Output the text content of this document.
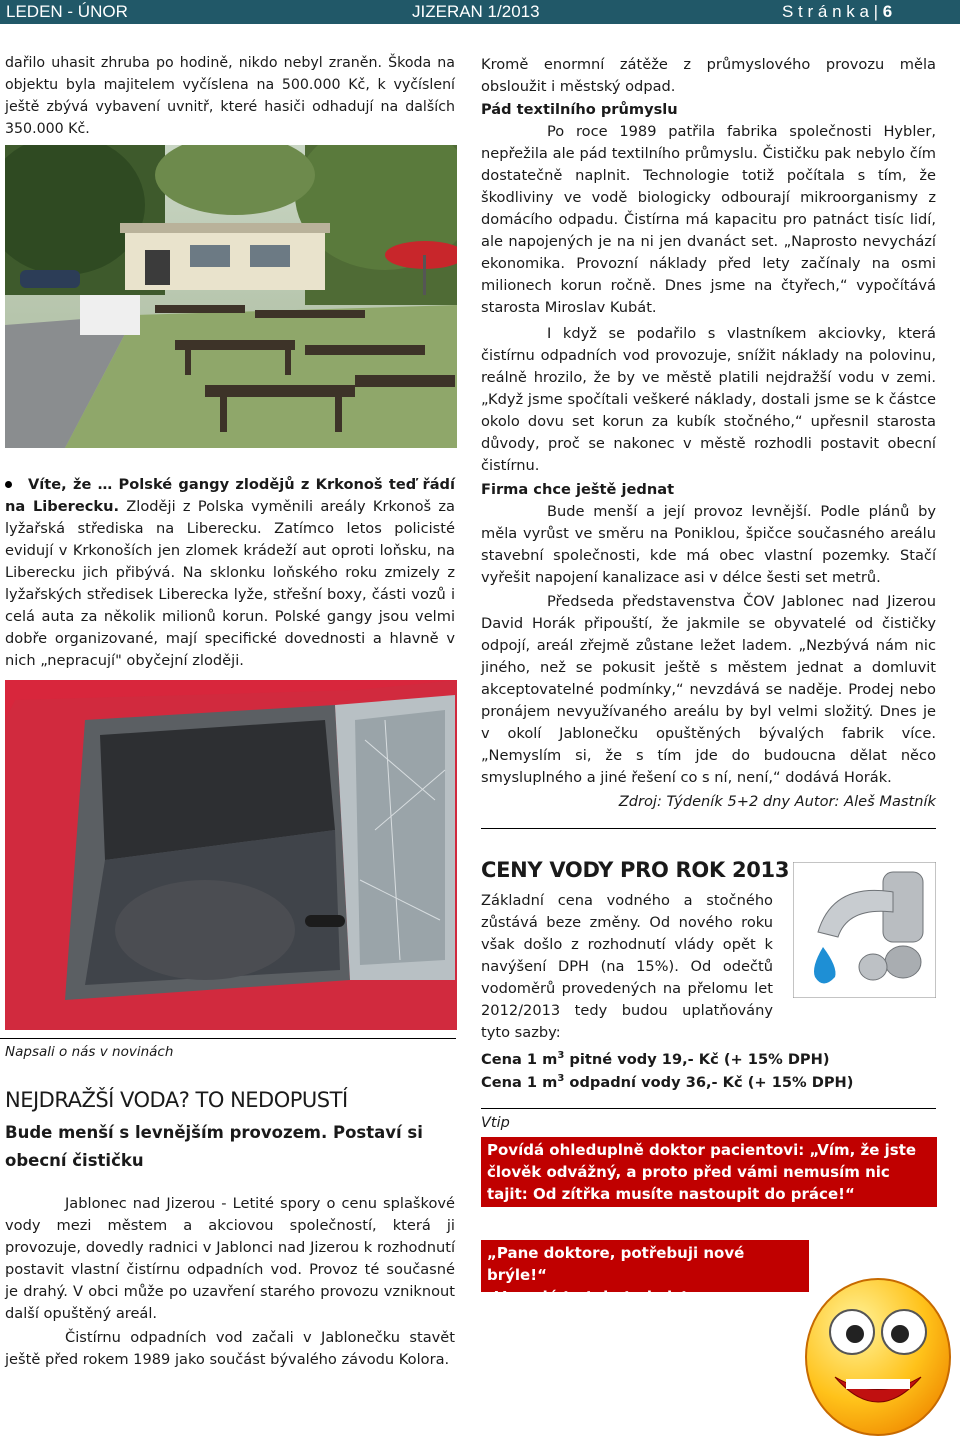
LEDEN - ÚNOR	JIZERAN 1/2013	S t r á n k a | 6

dařilo uhasit zhruba po hodině, nikdo nebyl zraněn. Škoda na objektu byla majitelem vyčíslena na 500.000 Kč, k vyčíslení ještě zbývá vybavení uvnitř, které hasiči odhadují na dalších 350.000 Kč.

Víte, že … Polské gangy zlodějů z Krkonoš teď řádí na Liberecku. Zloději z Polska vyměnili areály Krkonoš za lyžařská střediska na Liberecku. Zatímco letos policisté evidují v Krkonoších jen zlomek krádeží aut oproti loňsku, na Liberecku jich přibývá. Na sklonku loňského roku zmizely z lyžařských středisek Liberecka lyže, střešní boxy, části vozů i celá auta za několik milionů korun. Polské gangy jsou velmi dobře organizované, mají specifické dovednosti a hlavně v nich „nepracují" obyčejní zloději.

Napsali o nás v novinách

NEJDRAŽŠÍ VODA? TO NEDOPUSTÍ

Bude menší s levnějším provozem. Postaví si obecní čističku

Jablonec nad Jizerou - Letité spory o cenu splaškové vody mezi městem a akciovou společností, která ji provozuje, dovedly radnici v Jablonci nad Jizerou k rozhodnutí postavit vlastní čistírnu odpadních vod. Provoz té současné je drahý. V obci může po uzavření starého provozu vzniknout další opuštěný areál.

Čistírnu odpadních vod začali v Jablonečku stavět ještě před rokem 1989 jako součást bývalého závodu Kolora.

Kromě enormní zátěže z průmyslového provozu měla obsloužit i městský odpad.

Pád textilního průmyslu

Po roce 1989 patřila fabrika společnosti Hybler, nepřežila ale pád textilního průmyslu. Čističku pak nebylo čím dostatečně naplnit. Technologie totiž počítala s tím, že škodliviny ve vodě biologicky odbourají mikroorganismy z domácího odpadu. Čistírna má kapacitu pro patnáct tisíc lidí, ale napojených je na ni jen dvanáct set. „Naprosto nevychází ekonomika. Provozní náklady před lety začínaly na osmi milionech korun ročně. Dnes jsme na čtyřech,“ vypočítává starosta Miroslav Kubát.

I když se podařilo s vlastníkem akciovky, která čistírnu odpadních vod provozuje, snížit náklady na polovinu, reálně hrozilo, že by ve městě platili nejdražší vodu v zemi. „Když jsme spočítali veškeré náklady, dostali jsme se k částce okolo dovu set korun za kubík stočného,“ upřesnil starosta důvody, proč se nakonec v městě rozhodli postavit obecní čistírnu.

Firma chce ještě jednat

Bude menší a její provoz levnější. Podle plánů by měla vyrůst ve směru na Poniklou, špičce současného areálu stavební společnosti, kde má obec vlastní pozemky. Stačí vyřešit napojení kanalizace asi v délce šesti set metrů.

Předseda představenstva ČOV Jablonec nad Jizerou David Horák připouští, že jakmile se obyvatelé od čističky odpojí, areál zřejmě zůstane ležet ladem. „Nezbývá nám nic jiného, než se pokusit ještě s městem jednat a domluvit akceptovatelné podmínky,“ nevzdává se naděje. Prodej nebo pronájem nevyužívaného areálu by byl velmi složitý. Dnes je v okolí Jablonečku opuštěných bývalých fabrik více. „Nemyslím si, že s tím jde do budoucna dělat něco smysluplného a jiné řešení co s ní, není,“ dodává Horák.

Zdroj: Týdeník 5+2 dny Autor: Aleš Mastník

CENY VODY PRO ROK 2013

Základní cena vodného a stočného zůstává beze změny. Od nového roku však došlo z rozhodnutí vlády opět k navýšení DPH (na 15%). Od odečtů vodoměrů provedených na přelomu let 2012/2013 tedy budou uplatňovány tyto sazby:

Cena 1 $m^3$ pitné vody 19,- Kč (+ 15% DPH)

Cena 1 $m^3$ odpadní vody 36,- Kč (+ 15% DPH)

Vtip

Povídá ohleduplně doktor pacientovi: „Vím, že jste člověk odvážný, a proto před vámi nemusím nic tajit: Od zítřka musíte nastoupit do práce!“
„Pane doktore, potřebuji nové brýle!“
„Vypadá to tak, tady jste v řeznictví.“
